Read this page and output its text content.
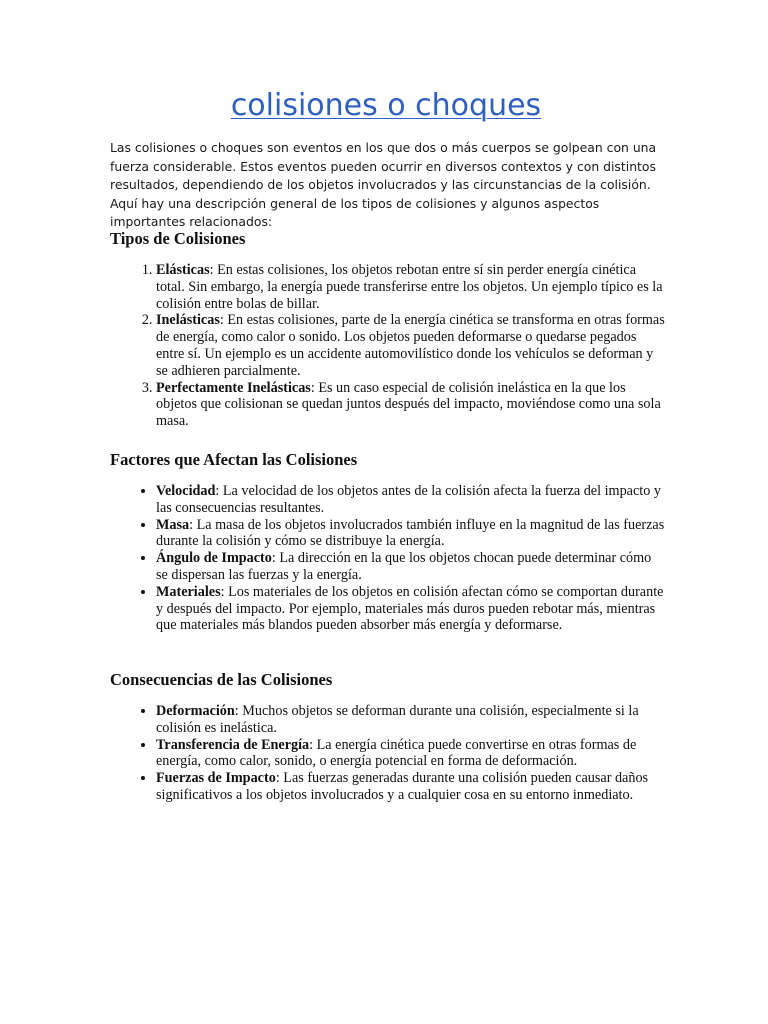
colisiones o choques

Las colisiones o choques son eventos en los que dos o más cuerpos se golpean con una fuerza considerable. Estos eventos pueden ocurrir en diversos contextos y con distintos resultados, dependiendo de los objetos involucrados y las circunstancias de la colisión. Aquí hay una descripción general de los tipos de colisiones y algunos aspectos importantes relacionados:

Tipos de Colisiones
1. Elásticas: En estas colisiones, los objetos rebotan entre sí sin perder energía cinética total. Sin embargo, la energía puede transferirse entre los objetos. Un ejemplo típico es la colisión entre bolas de billar.
2. Inelásticas: En estas colisiones, parte de la energía cinética se transforma en otras formas de energía, como calor o sonido. Los objetos pueden deformarse o quedarse pegados entre sí. Un ejemplo es un accidente automovilístico donde los vehículos se deforman y se adhieren parcialmente.
3. Perfectamente Inelásticas: Es un caso especial de colisión inelástica en la que los objetos que colisionan se quedan juntos después del impacto, moviéndose como una sola masa.
Factores que Afectan las Colisiones
• Velocidad: La velocidad de los objetos antes de la colisión afecta la fuerza del impacto y las consecuencias resultantes.
• Masa: La masa de los objetos involucrados también influye en la magnitud de las fuerzas durante la colisión y cómo se distribuye la energía.
• Ángulo de Impacto: La dirección en la que los objetos chocan puede determinar cómo se dispersan las fuerzas y la energía.
• Materiales: Los materiales de los objetos en colisión afectan cómo se comportan durante y después del impacto. Por ejemplo, materiales más duros pueden rebotar más, mientras que materiales más blandos pueden absorber más energía y deformarse.
Consecuencias de las Colisiones
• Deformación: Muchos objetos se deforman durante una colisión, especialmente si la colisión es inelástica.
• Transferencia de Energía: La energía cinética puede convertirse en otras formas de energía, como calor, sonido, o energía potencial en forma de deformación.
• Fuerzas de Impacto: Las fuerzas generadas durante una colisión pueden causar daños significativos a los objetos involucrados y a cualquier cosa en su entorno inmediato.
